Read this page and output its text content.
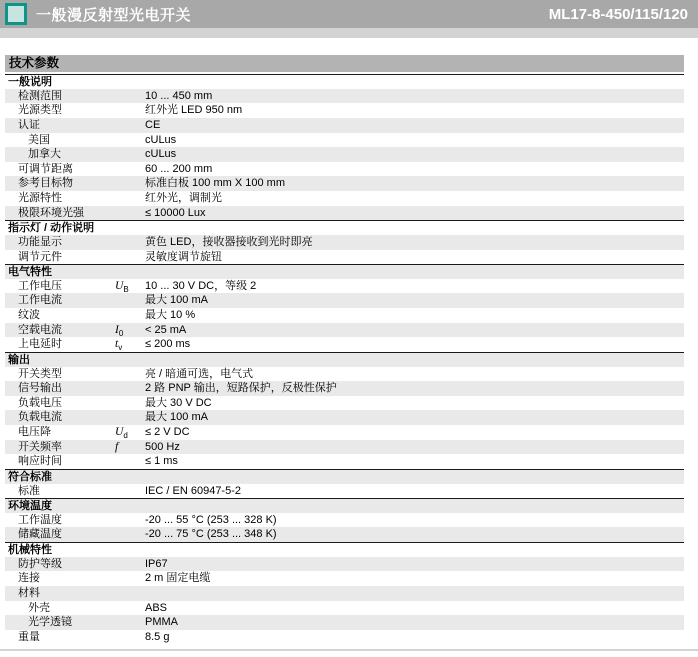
一般漫反射型光电开关	ML17-8-450/115/120
技术参数
一般说明
检测范围	10 ... 450 mm
光源类型	红外光 LED 950 nm
认证	CE
美国	cULus
加拿大	cULus
可调节距离	60 ... 200 mm
参考目标物	标准白板 100 mm X 100 mm
光源特性	红外光，调制光
极限环境光强	≤ 10000 Lux
指示灯 / 动作说明
功能显示	黄色 LED，接收器接收到光时即亮
调节元件	灵敏度调节旋钮
电气特性
工作电压	$U_B$	10 ... 30 V DC，等级 2
工作电流	最大 100 mA
纹波	最大 10 %
空载电流	$I_0$	< 25 mA
上电延时	$t_v$	≤ 200 ms
输出
开关类型	亮 / 暗通可选，电气式
信号输出	2 路 PNP 输出，短路保护，反极性保护
负载电压	最大 30 V DC
负载电流	最大 100 mA
电压降	$U_d$	≤ 2 V DC
开关频率	f	500 Hz
响应时间	≤ 1 ms
符合标准
标准	IEC / EN 60947-5-2
环境温度
工作温度	-20 ... 55 °C (253 ... 328 K)
储藏温度	-20 ... 75 °C (253 ... 348 K)
机械特性
防护等级	IP67
连接	2 m 固定电缆
材料
外壳	ABS
光学透镜	PMMA
重量	8.5 g
